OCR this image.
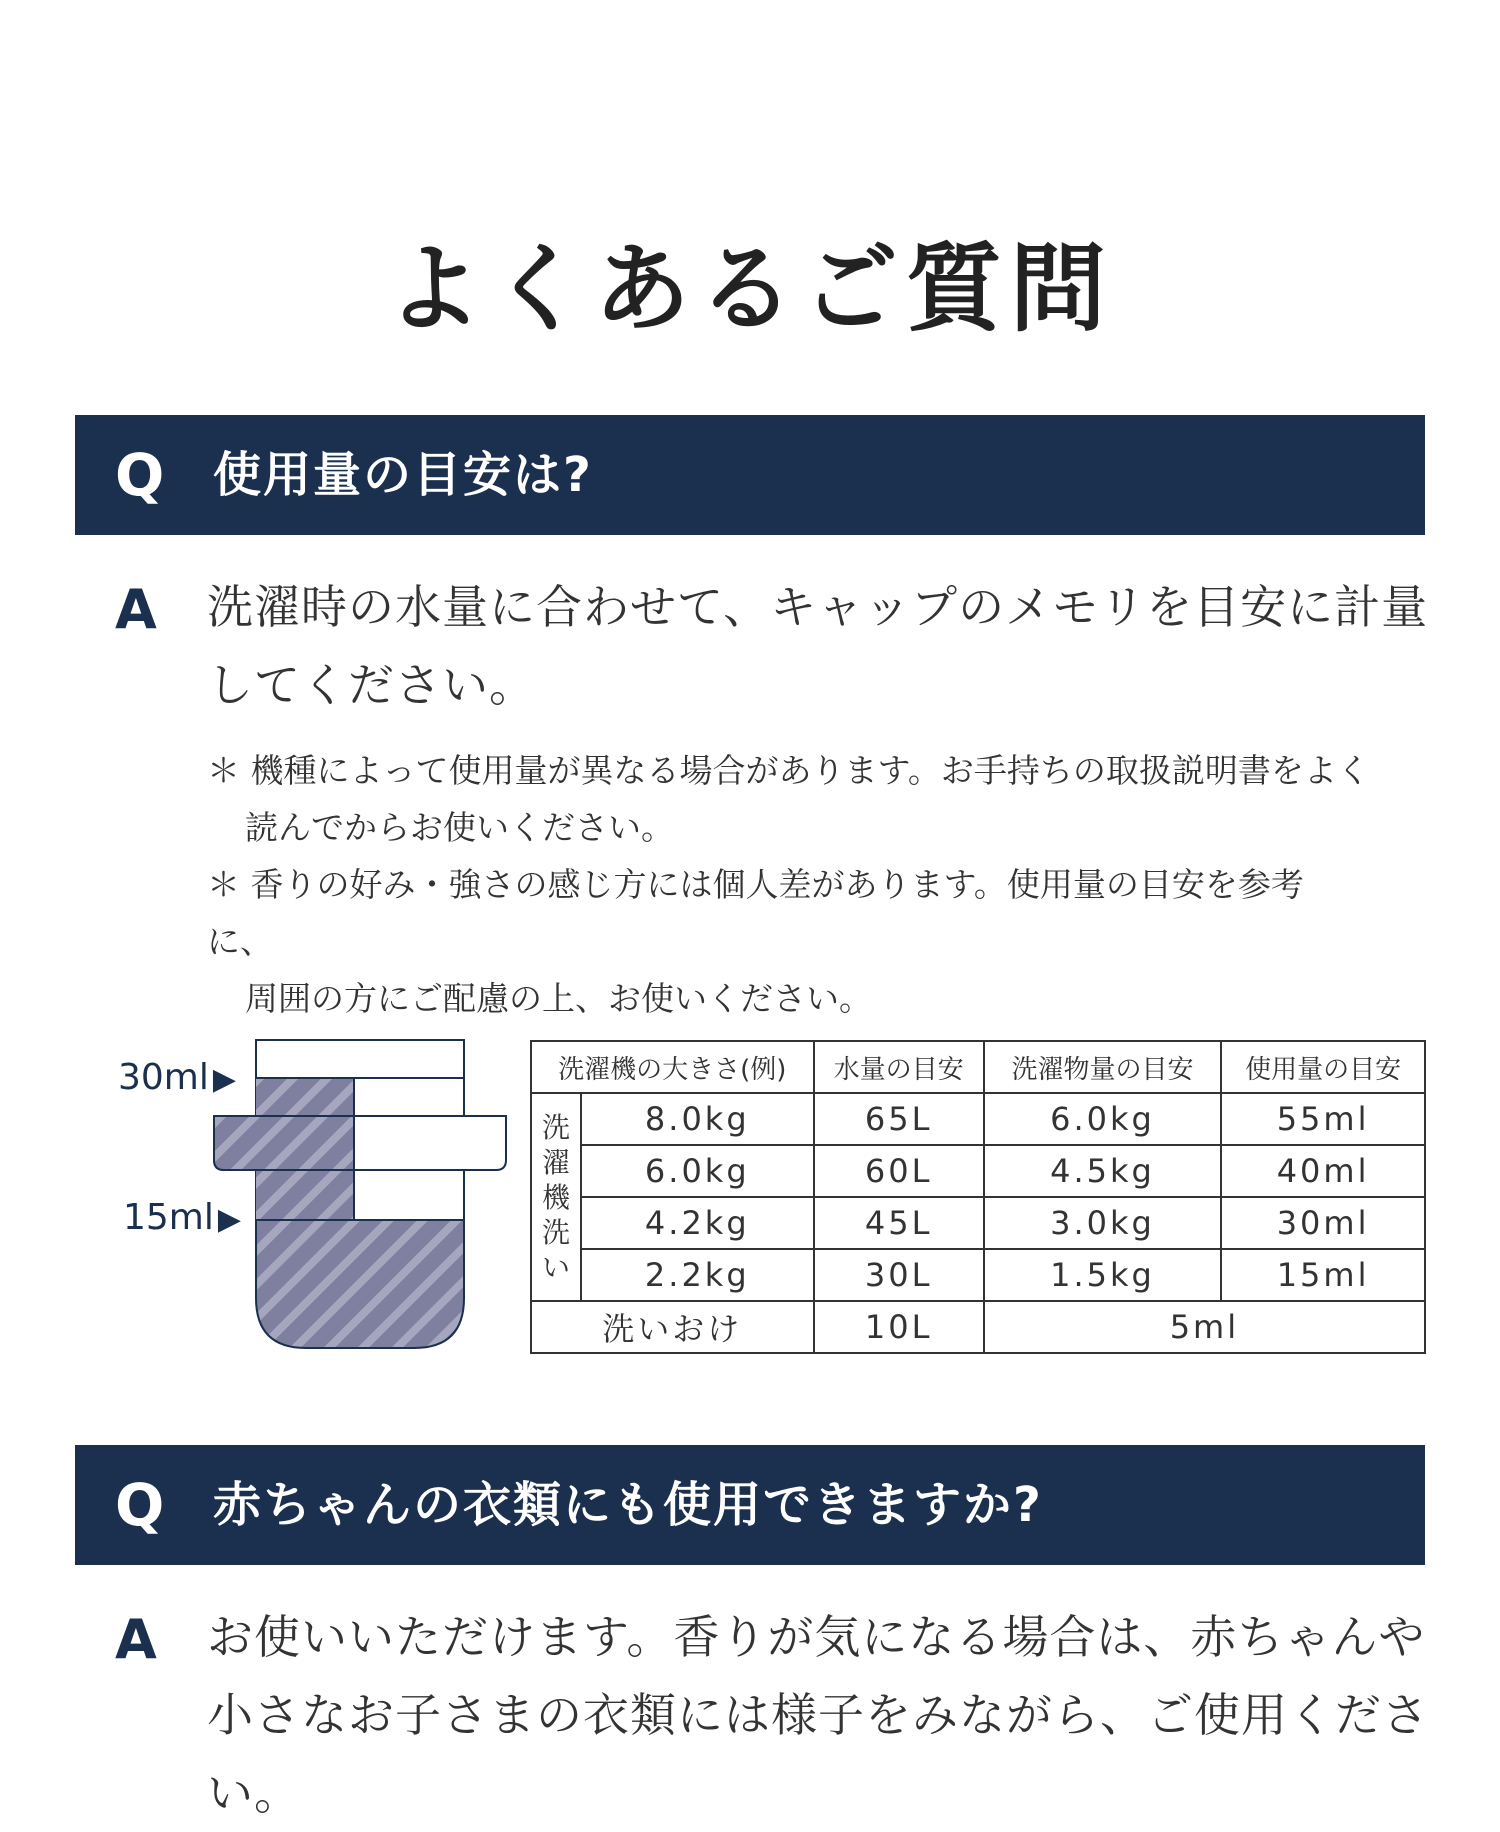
よくあるご質問
Q	使用量の目安は?
A	洗濯時の水量に合わせて、キャップのメモリを目安に計量
してください。
＊ 機種によって使用量が異なる場合があります。お手持ちの取扱説明書をよく
読んでからお使いください。
＊ 香りの好み・強さの感じ方には個人差があります。使用量の目安を参考
に、
周囲の方にご配慮の上、お使いください。
30ml ▶
15ml ▶
洗濯機の大きさ(例)		水量の目安	洗濯物量の目安	使用量の目安

洗
濯
機
洗
い	8.0kg	65L	6.0kg	55ml
	6.0kg	60L	4.5kg	40ml
	4.2kg	45L	3.0kg	30ml
	2.2kg	30L	1.5kg	15ml
洗いおけ		10L	5ml	
Q	赤ちゃんの衣類にも使用できますか?
A	お使いいただけます。香りが気になる場合は、赤ちゃんや
小さなお子さまの衣類には様子をみながら、ご使用ください。
